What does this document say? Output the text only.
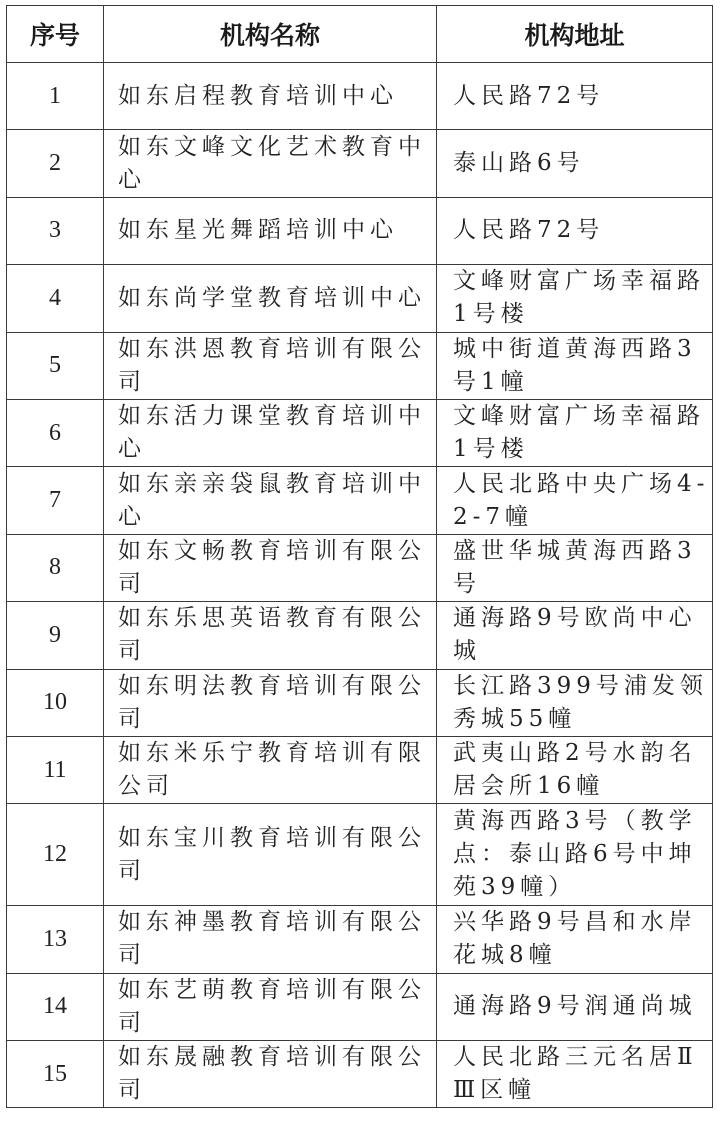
序号	机构名称	机构地址
1	如东启程教育培训中心	人民路72号
2	如东文峰文化艺术教育中心	泰山路6号
3	如东星光舞蹈培训中心	人民路72号
4	如东尚学堂教育培训中心	文峰财富广场幸福路1号楼
5	如东洪恩教育培训有限公司	城中街道黄海西路3号1幢
6	如东活力课堂教育培训中心	文峰财富广场幸福路1号楼
7	如东亲亲袋鼠教育培训中心	人民北路中央广场4-2-7幢
8	如东文畅教育培训有限公司	盛世华城黄海西路3号
9	如东乐思英语教育有限公司	通海路9号欧尚中心城
10	如东明法教育培训有限公司	长江路399号浦发领秀城55幢
11	如东米乐宁教育培训有限公司	武夷山路2号水韵名居会所16幢
12	如东宝川教育培训有限公司	黄海西路3号（教学点：泰山路6号中坤苑39幢）
13	如东神墨教育培训有限公司	兴华路9号昌和水岸花城8幢
14	如东艺萌教育培训有限公司	通海路9号润通尚城
15	如东晟融教育培训有限公司	人民北路三元名居ⅡⅢ区幢
